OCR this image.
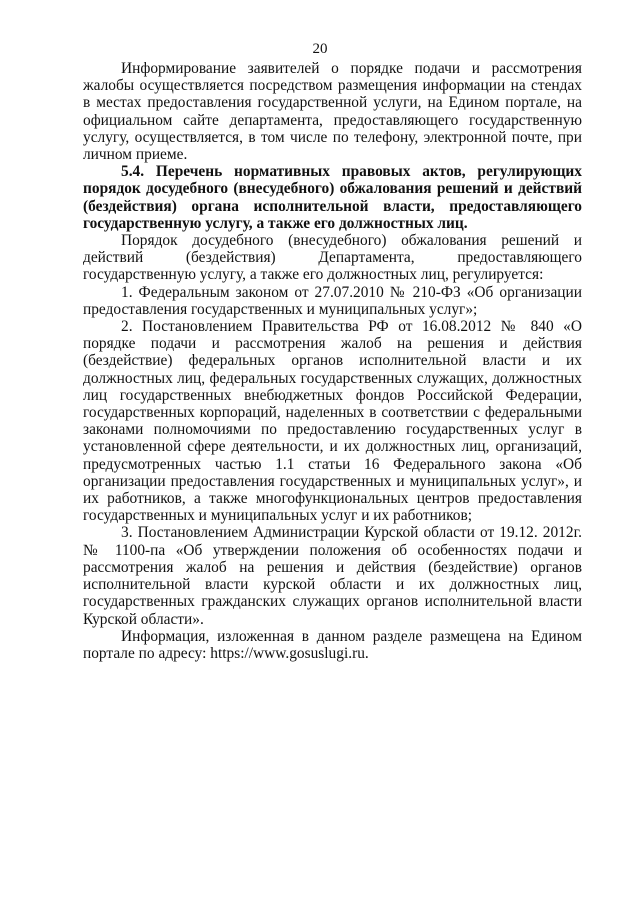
20

Информирование заявителей о порядке подачи и рассмотрения жалобы осуществляется посредством размещения информации на стендах в местах предоставления государственной услуги, на Едином портале, на официальном сайте департамента, предоставляющего государственную услугу, осуществляется, в том числе по телефону, электронной почте, при личном приеме.

5.4. Перечень нормативных правовых актов, регулирующих порядок досудебного (внесудебного) обжалования решений и действий (бездействия) органа исполнительной власти, предоставляющего государственную услугу, а также его должностных лиц.

Порядок досудебного (внесудебного) обжалования решений и действий (бездействия) Департамента, предоставляющего государственную услугу, а также его должностных лиц, регулируется:

1. Федеральным законом от 27.07.2010 № 210-ФЗ «Об организации предоставления государственных и муниципальных услуг»;

2. Постановлением Правительства РФ от 16.08.2012 № 840 «О порядке подачи и рассмотрения жалоб на решения и действия (бездействие) федеральных органов исполнительной власти и их должностных лиц, федеральных государственных служащих, должностных лиц государственных внебюджетных фондов Российской Федерации, государственных корпораций, наделенных в соответствии с федеральными законами полномочиями по предоставлению государственных услуг в установленной сфере деятельности, и их должностных лиц, организаций, предусмотренных частью 1.1 статьи 16 Федерального закона «Об организации предоставления государственных и муниципальных услуг», и их работников, а также многофункциональных центров предоставления государственных и муниципальных услуг и их работников;

3. Постановлением Администрации Курской области от 19.12. 2012г. № 1100-па «Об утверждении положения об особенностях подачи и рассмотрения жалоб на решения и действия (бездействие) органов исполнительной власти курской области и их должностных лиц, государственных гражданских служащих органов исполнительной власти Курской области».

Информация, изложенная в данном разделе размещена на Едином портале по адресу: https://www.gosuslugi.ru.
